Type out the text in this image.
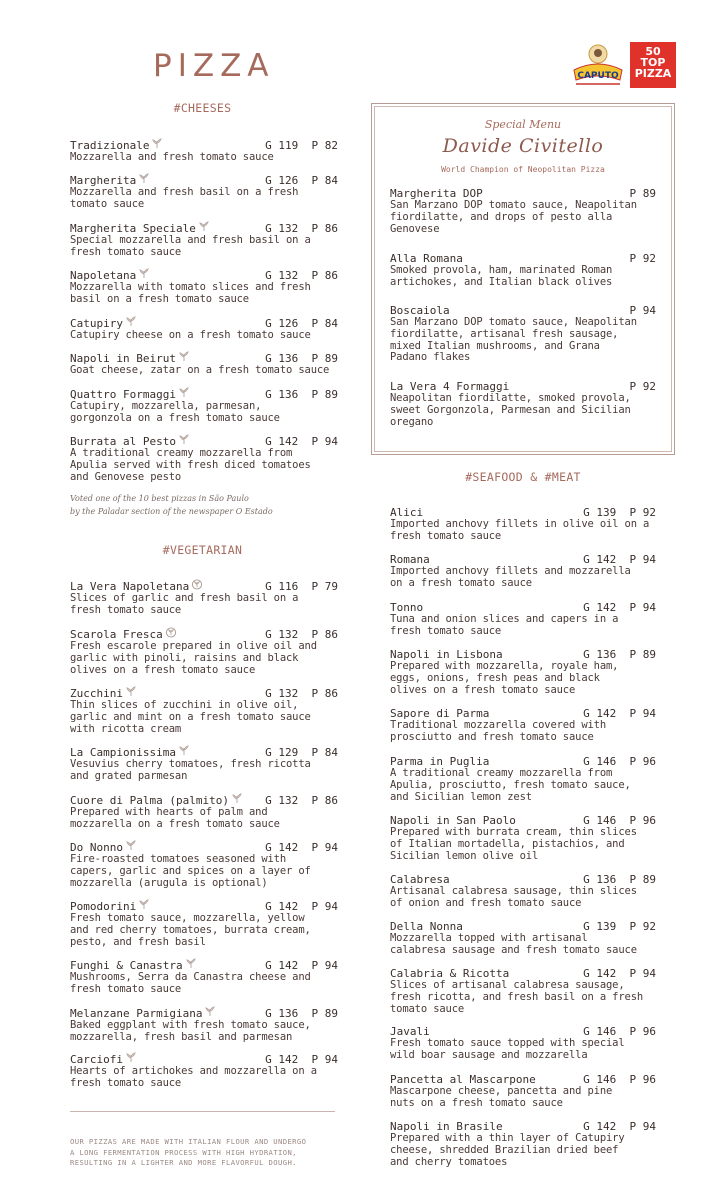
PIZZA	CAPUTO
50
TOP
PIZZA
#CHEESES
Tradizionale	G 119  P 82
Mozzarella and fresh tomato sauce
Margherita	G 126  P 84
Mozzarella and fresh basil on a fresh
tomato sauce
Margherita Speciale	G 132  P 86
Special mozzarella and fresh basil on a
fresh tomato sauce
Napoletana	G 132  P 86
Mozzarella with tomato slices and fresh
basil on a fresh tomato sauce
Catupiry	G 126  P 84
Catupiry cheese on a fresh tomato sauce
Napoli in Beirut	G 136  P 89
Goat cheese, zatar on a fresh tomato sauce
Quattro Formaggi	G 136  P 89
Catupiry, mozzarella, parmesan,
gorgonzola on a fresh tomato sauce
Burrata al Pesto	G 142  P 94
A traditional creamy mozzarella from
Apulia served with fresh diced tomatoes
and Genovese pesto
Voted one of the 10 best pizzas in São Paulo
by the Paladar section of the newspaper O Estado
#VEGETARIAN
La Vera Napoletana	G 116  P 79
Slices of garlic and fresh basil on a
fresh tomato sauce
Scarola Fresca	G 132  P 86
Fresh escarole prepared in olive oil and
garlic with pinoli, raisins and black
olives on a fresh tomato sauce
Zucchini	G 132  P 86
Thin slices of zucchini in olive oil,
garlic and mint on a fresh tomato sauce
with ricotta cream
La Campionissima	G 129  P 84
Vesuvius cherry tomatoes, fresh ricotta
and grated parmesan
Cuore di Palma (palmito)	G 132  P 86
Prepared with hearts of palm and
mozzarella on a fresh tomato sauce
Do Nonno	G 142  P 94
Fire-roasted tomatoes seasoned with
capers, garlic and spices on a layer of
mozzarella (arugula is optional)
Pomodorini	G 142  P 94
Fresh tomato sauce, mozzarella, yellow
and red cherry tomatoes, burrata cream,
pesto, and fresh basil
Funghi & Canastra	G 142  P 94
Mushrooms, Serra da Canastra cheese and
fresh tomato sauce
Melanzane Parmigiana	G 136  P 89
Baked eggplant with fresh tomato sauce,
mozzarella, fresh basil and parmesan
Carciofi	G 142  P 94
Hearts of artichokes and mozzarella on a
fresh tomato sauce
OUR PIZZAS ARE MADE WITH ITALIAN FLOUR AND UNDERGO
A LONG FERMENTATION PROCESS WITH HIGH HYDRATION,
RESULTING IN A LIGHTER AND MORE FLAVORFUL DOUGH.
Special Menu
Davide Civitello
World Champion of Neopolitan Pizza
Margherita DOP	P 89
San Marzano DOP tomato sauce, Neapolitan
fiordilatte, and drops of pesto alla
Genovese
Alla Romana	P 92
Smoked provola, ham, marinated Roman
artichokes, and Italian black olives
Boscaiola	P 94
San Marzano DOP tomato sauce, Neapolitan
fiordilatte, artisanal fresh sausage,
mixed Italian mushrooms, and Grana
Padano flakes
La Vera 4 Formaggi	P 92
Neapolitan fiordilatte, smoked provola,
sweet Gorgonzola, Parmesan and Sicilian
oregano
#SEAFOOD & #MEAT
Alici	G 139  P 92
Imported anchovy fillets in olive oil on a
fresh tomato sauce
Romana	G 142  P 94
Imported anchovy fillets and mozzarella
on a fresh tomato sauce
Tonno	G 142  P 94
Tuna and onion slices and capers in a
fresh tomato sauce
Napoli in Lisbona	G 136  P 89
Prepared with mozzarella, royale ham,
eggs, onions, fresh peas and black
olives on a fresh tomato sauce
Sapore di Parma	G 142  P 94
Traditional mozzarella covered with
prosciutto and fresh tomato sauce
Parma in Puglia	G 146  P 96
A traditional creamy mozzarella from
Apulia, prosciutto, fresh tomato sauce,
and Sicilian lemon zest
Napoli in San Paolo	G 146  P 96
Prepared with burrata cream, thin slices
of Italian mortadella, pistachios, and
Sicilian lemon olive oil
Calabresa	G 136  P 89
Artisanal calabresa sausage, thin slices
of onion and fresh tomato sauce
Della Nonna	G 139  P 92
Mozzarella topped with artisanal
calabresa sausage and fresh tomato sauce
Calabria & Ricotta	G 142  P 94
Slices of artisanal calabresa sausage,
fresh ricotta, and fresh basil on a fresh
tomato sauce
Javali	G 146  P 96
Fresh tomato sauce topped with special
wild boar sausage and mozzarella
Pancetta al Mascarpone	G 146  P 96
Mascarpone cheese, pancetta and pine
nuts on a fresh tomato sauce
Napoli in Brasile	G 142  P 94
Prepared with a thin layer of Catupiry
cheese, shredded Brazilian dried beef
and cherry tomatoes
